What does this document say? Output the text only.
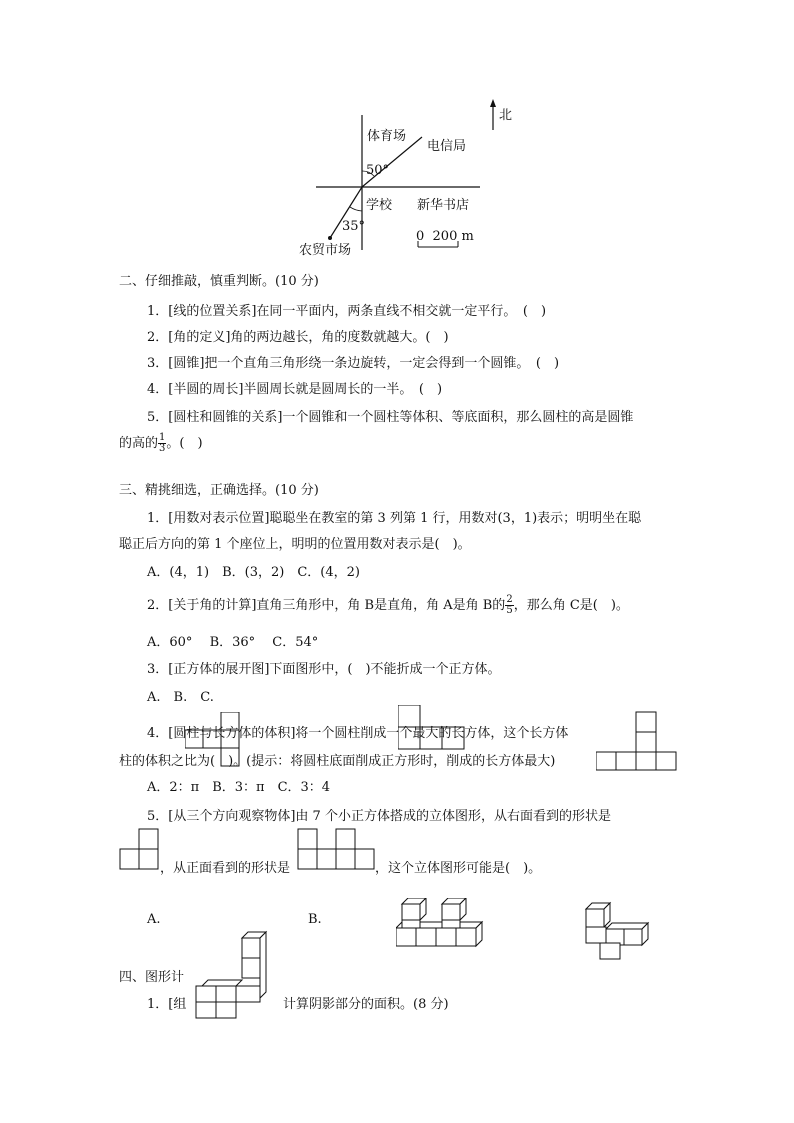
北
体育场
电信局
50°
学校 新华书店
35°
0  200 m
农贸市场
二、仔细推敲，慎重判断。(10 分)
1．[线的位置关系]在同一平面内，两条直线不相交就一定平行。　(　)
2．[角的定义]角的两边越长，角的度数就越大。(　)
3．[圆锥]把一个直角三角形绕一条边旋转，一定会得到一个圆锥。　(　)
4．[半圆的周长]半圆周长就是圆周长的一半。　(　)
5．[圆柱和圆锥的关系]一个圆锥和一个圆柱等体积、等底面积，那么圆柱的高是圆锥
的高的 $\frac{1}{3}$ 。(　)
三、精挑细选，正确选择。(10 分)
1．[用数对表示位置]聪聪坐在教室的第 3 列第 1 行，用数对(3，1)表示；明明坐在聪
聪正后方向的第 1 个座位上，明明的位置用数对表示是(　)。
A．(4，1)　B．(3，2)　C．(4，2)
2．[关于角的计算]直角三角形中，角 B是直角，角 A是角 B的 $\frac{2}{5}$ ，那么角 C是(　)。
A．60°　 B．36°　 C．54°
3．[正方体的展开图]下面图形中，(　)不能折成一个正方体。
A.　B.　C.
4．[圆柱与长方体的体积]将一个圆柱削成一个最大的长方体，这个长方体
柱的体积之比为(　)。(提示：将圆柱底面削成正方形时，削成的长方体最大)
A．2：π　B．3：π　C．3：4
5．[从三个方向观察物体]由 7 个小正方体搭成的立体图形，从右面看到的形状是
，从正面看到的形状是	，这个立体图形可能是(　)。
A.	B.
四、图形计
1．[组	计算阴影部分的面积。(8 分)
